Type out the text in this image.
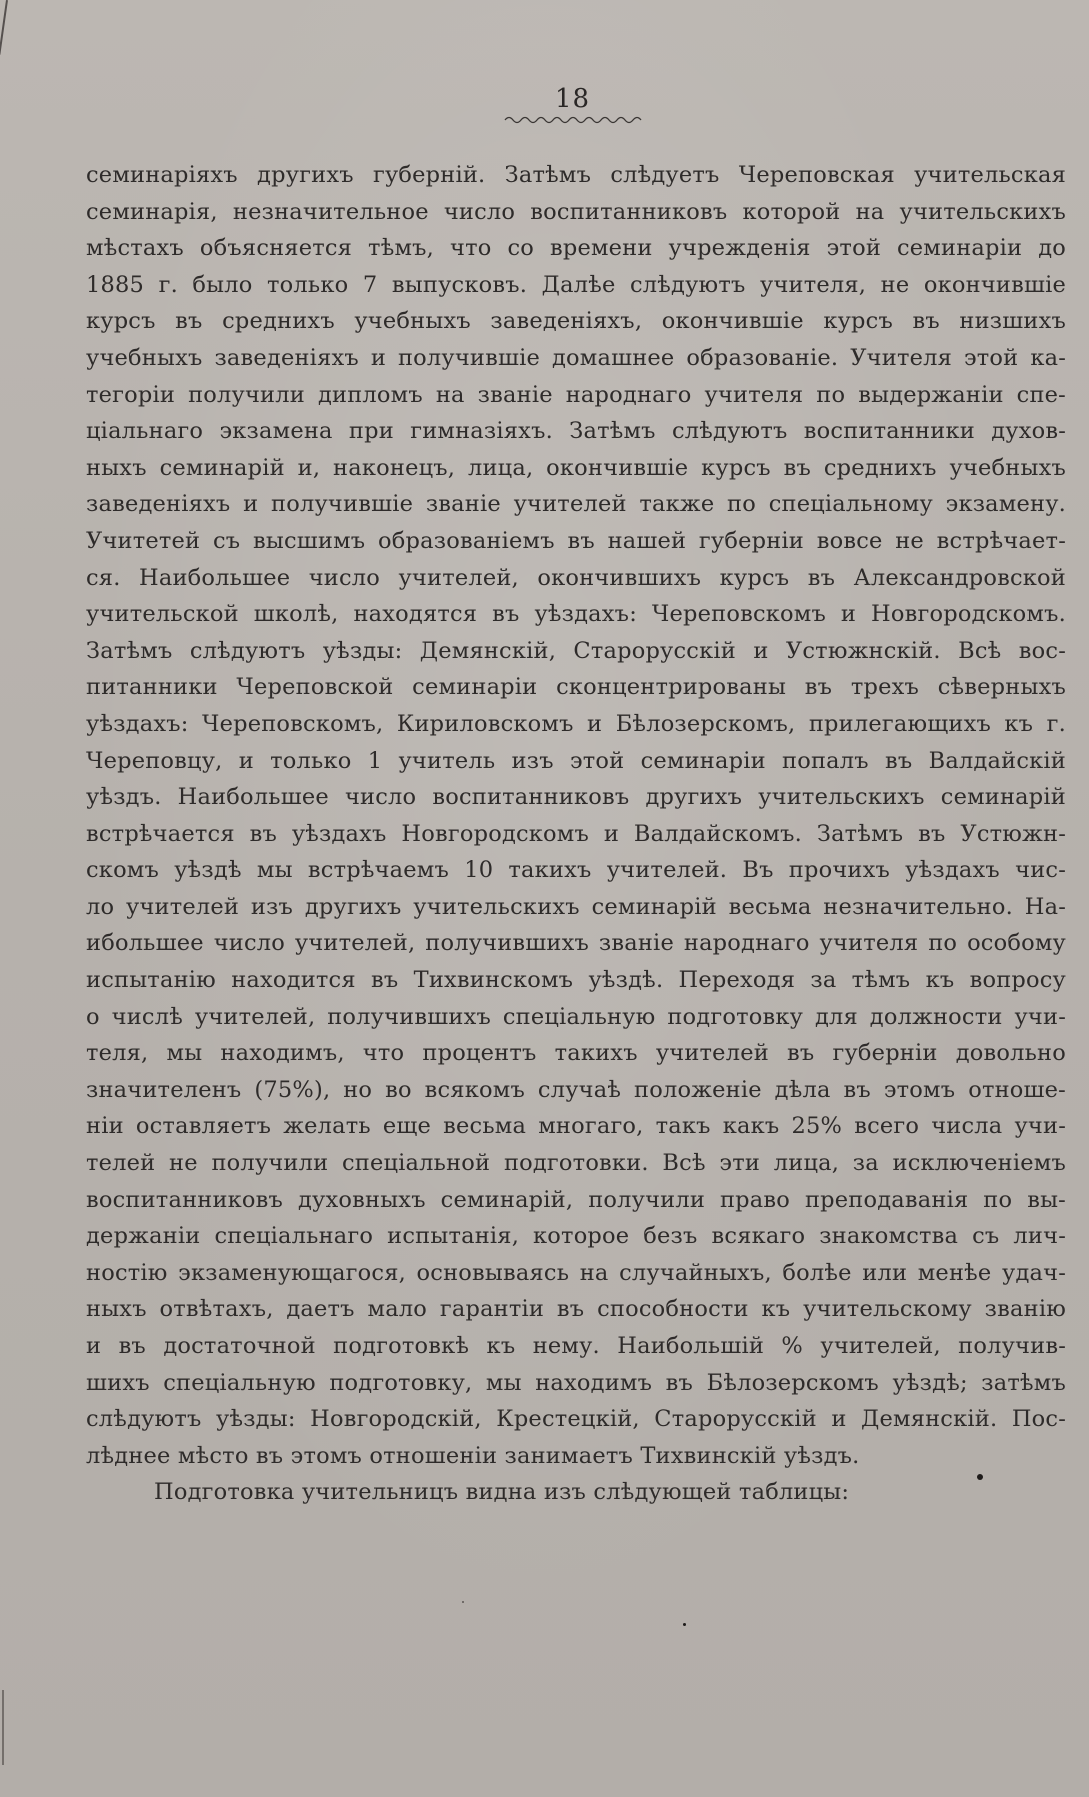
18
семинаріяхъ другихъ губерній. Затѣмъ слѣдуетъ Череповская учительская
семинарія, незначительное число воспитанниковъ которой на учительскихъ
мѣстахъ объясняется тѣмъ, что со времени учрежденія этой семинаріи до
1885 г. было только 7 выпусковъ. Далѣе слѣдуютъ учителя, не окончившіе
курсъ въ среднихъ учебныхъ заведеніяхъ, окончившіе курсъ въ низшихъ
учебныхъ заведеніяхъ и получившіе домашнее образованіе. Учителя этой ка-
тегоріи получили дипломъ на званіе народнаго учителя по выдержаніи спе-
ціальнаго экзамена при гимназіяхъ. Затѣмъ слѣдуютъ воспитанники духов-
ныхъ семинарій и, наконецъ, лица, окончившіе курсъ въ среднихъ учебныхъ
заведеніяхъ и получившіе званіе учителей также по спеціальному экзамену.
Учитетей съ высшимъ образованіемъ въ нашей губерніи вовсе не встрѣчает-
ся. Наибольшее число учителей, окончившихъ курсъ въ Александровской
учительской школѣ, находятся въ уѣздахъ: Череповскомъ и Новгородскомъ.
Затѣмъ слѣдуютъ уѣзды: Демянскій, Старорусскій и Устюжнскій. Всѣ вос-
питанники Череповской семинаріи сконцентрированы въ трехъ сѣверныхъ
уѣздахъ: Череповскомъ, Кириловскомъ и Бѣлозерскомъ, прилегающихъ къ г.
Череповцу, и только 1 учитель изъ этой семинаріи попалъ въ Валдайскій
уѣздъ. Наибольшее число воспитанниковъ другихъ учительскихъ семинарій
встрѣчается въ уѣздахъ Новгородскомъ и Валдайскомъ. Затѣмъ въ Устюжн-
скомъ уѣздѣ мы встрѣчаемъ 10 такихъ учителей. Въ прочихъ уѣздахъ чис-
ло учителей изъ другихъ учительскихъ семинарій весьма незначительно. На-
ибольшее число учителей, получившихъ званіе народнаго учителя по особому
испытанію находится въ Тихвинскомъ уѣздѣ. Переходя за тѣмъ къ вопросу
о числѣ учителей, получившихъ спеціальную подготовку для должности учи-
теля, мы находимъ, что процентъ такихъ учителей въ губерніи довольно
значителенъ (75%), но во всякомъ случаѣ положеніе дѣла въ этомъ отноше-
ніи оставляетъ желать еще весьма многаго, такъ какъ 25% всего числа учи-
телей не получили спеціальной подготовки. Всѣ эти лица, за исключеніемъ
воспитанниковъ духовныхъ семинарій, получили право преподаванія по вы-
держаніи спеціальнаго испытанія, которое безъ всякаго знакомства съ лич-
ностію экзаменующагося, основываясь на случайныхъ, болѣе или менѣе удач-
ныхъ отвѣтахъ, даетъ мало гарантіи въ способности къ учительскому званію
и въ достаточной подготовкѣ къ нему. Наибольшій % учителей, получив-
шихъ спеціальную подготовку, мы находимъ въ Бѣлозерскомъ уѣздѣ; затѣмъ
слѣдуютъ уѣзды: Новгородскій, Крестецкій, Старорусскій и Демянскій. Пос-
лѣднее мѣсто въ этомъ отношеніи занимаетъ Тихвинскій уѣздъ.
Подготовка учительницъ видна изъ слѣдующей таблицы:
